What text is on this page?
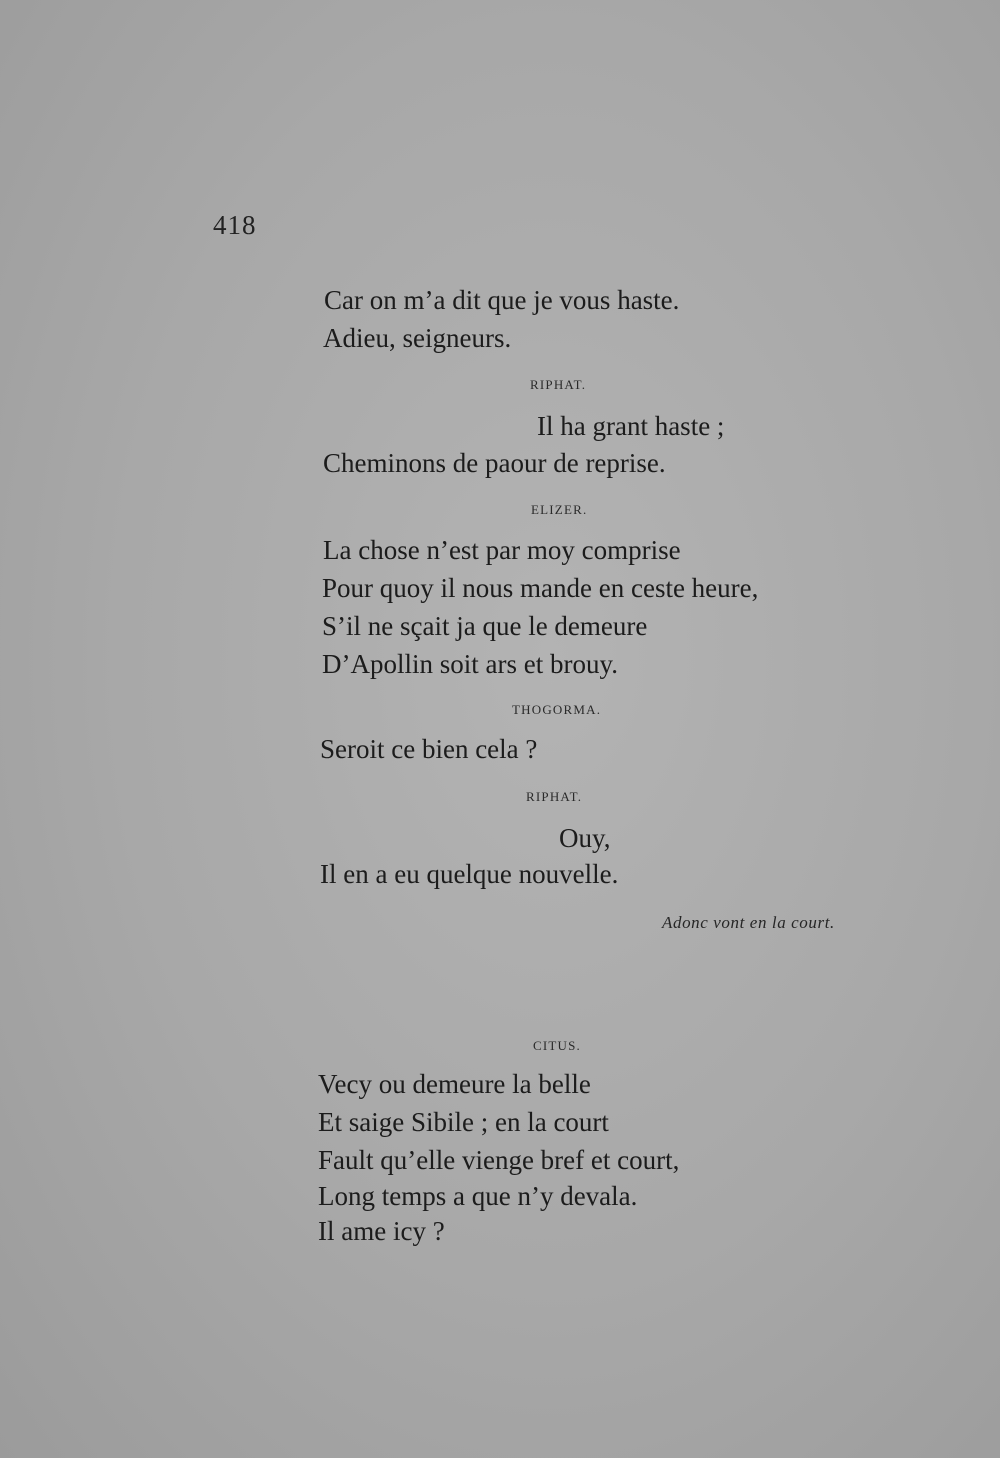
418
Car on m’a dit que je vous haste.
Adieu, seigneurs.
RIPHAT.
Il ha grant haste ;
Cheminons de paour de reprise.
ELIZER.
La chose n’est par moy comprise
Pour quoy il nous mande en ceste heure,
S’il ne sçait ja que le demeure
D’Apollin soit ars et brouy.
THOGORMA.
Seroit ce bien cela ?
RIPHAT.
Ouy,
Il en a eu quelque nouvelle.
Adonc vont en la court.
CITUS.
Vecy ou demeure la belle
Et saige Sibile ; en la court
Fault qu’elle vienge bref et court,
Long temps a que n’y devala.
Il ame icy ?
